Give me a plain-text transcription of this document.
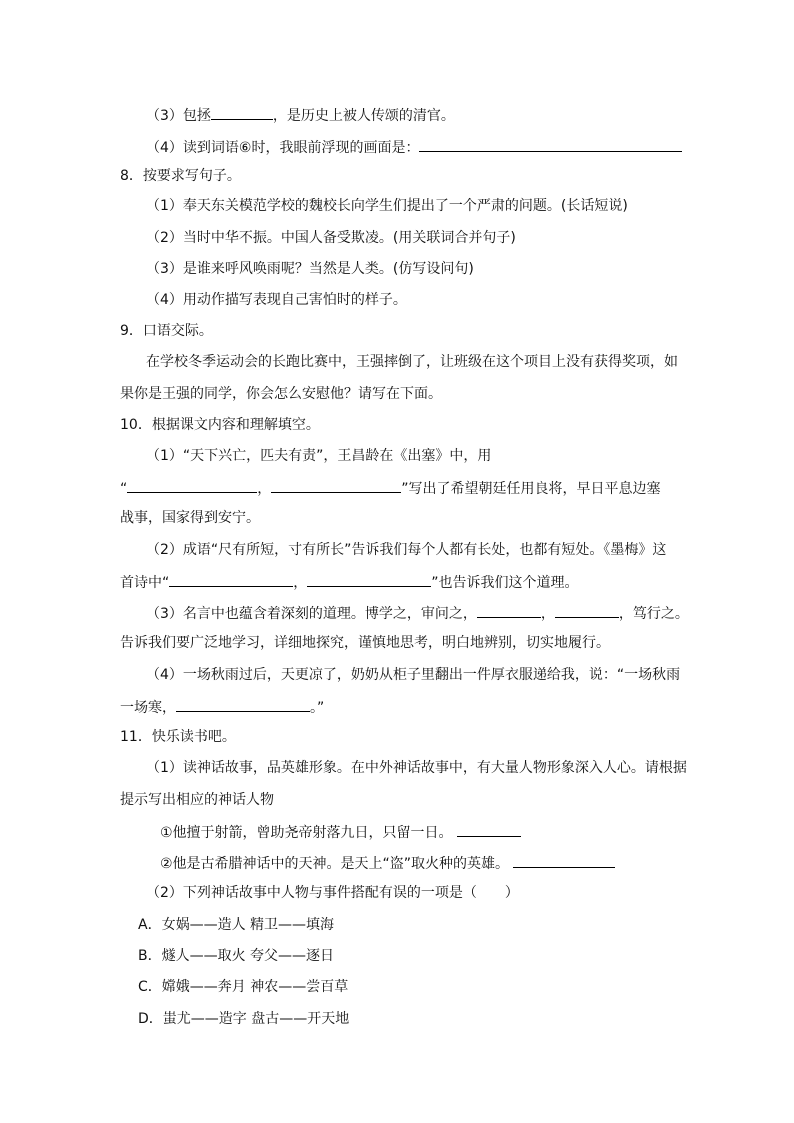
（3）包拯	，是历史上被人传颂的清官。
（4）读到词语⑥时，我眼前浮现的画面是：
8．按要求写句子。
（1）奉天东关模范学校的魏校长向学生们提出了一个严肃的问题。(长话短说)
（2）当时中华不振。中国人备受欺凌。(用关联词合并句子)
（3）是谁来呼风唤雨呢？当然是人类。(仿写设问句)
（4）用动作描写表现自己害怕时的样子。
9．口语交际。
在学校冬季运动会的长跑比赛中，王强摔倒了，让班级在这个项目上没有获得奖项，如
果你是王强的同学，你会怎么安慰他？请写在下面。
10．根据课文内容和理解填空。
（1）“天下兴亡，匹夫有责”，王昌龄在《出塞》中，用
“	，	”写出了希望朝廷任用良将，早日平息边塞
战事，国家得到安宁。
（2）成语“尺有所短，寸有所长”告诉我们每个人都有长处，也都有短处。《墨梅》这
首诗中“	，	”也告诉我们这个道理。
（3）名言中也蕴含着深刻的道理。博学之，审问之，	，	，笃行之。
告诉我们要广泛地学习，详细地探究，谨慎地思考，明白地辨别，切实地履行。
（4）一场秋雨过后，天更凉了，奶奶从柜子里翻出一件厚衣服递给我，说：“一场秋雨
一场寒，	。”
11．快乐读书吧。
（1）读神话故事，品英雄形象。在中外神话故事中，有大量人物形象深入人心。请根据
提示写出相应的神话人物
①他擅于射箭，曾助尧帝射落九日，只留一日。
②他是古希腊神话中的天神。是天上“盗”取火种的英雄。
（2）下列神话故事中人物与事件搭配有误的一项是（　　）
A．女娲——造人 精卫——填海
B．燧人——取火 夸父——逐日
C．嫦娥——奔月 神农——尝百草
D．蚩尤——造字 盘古——开天地
